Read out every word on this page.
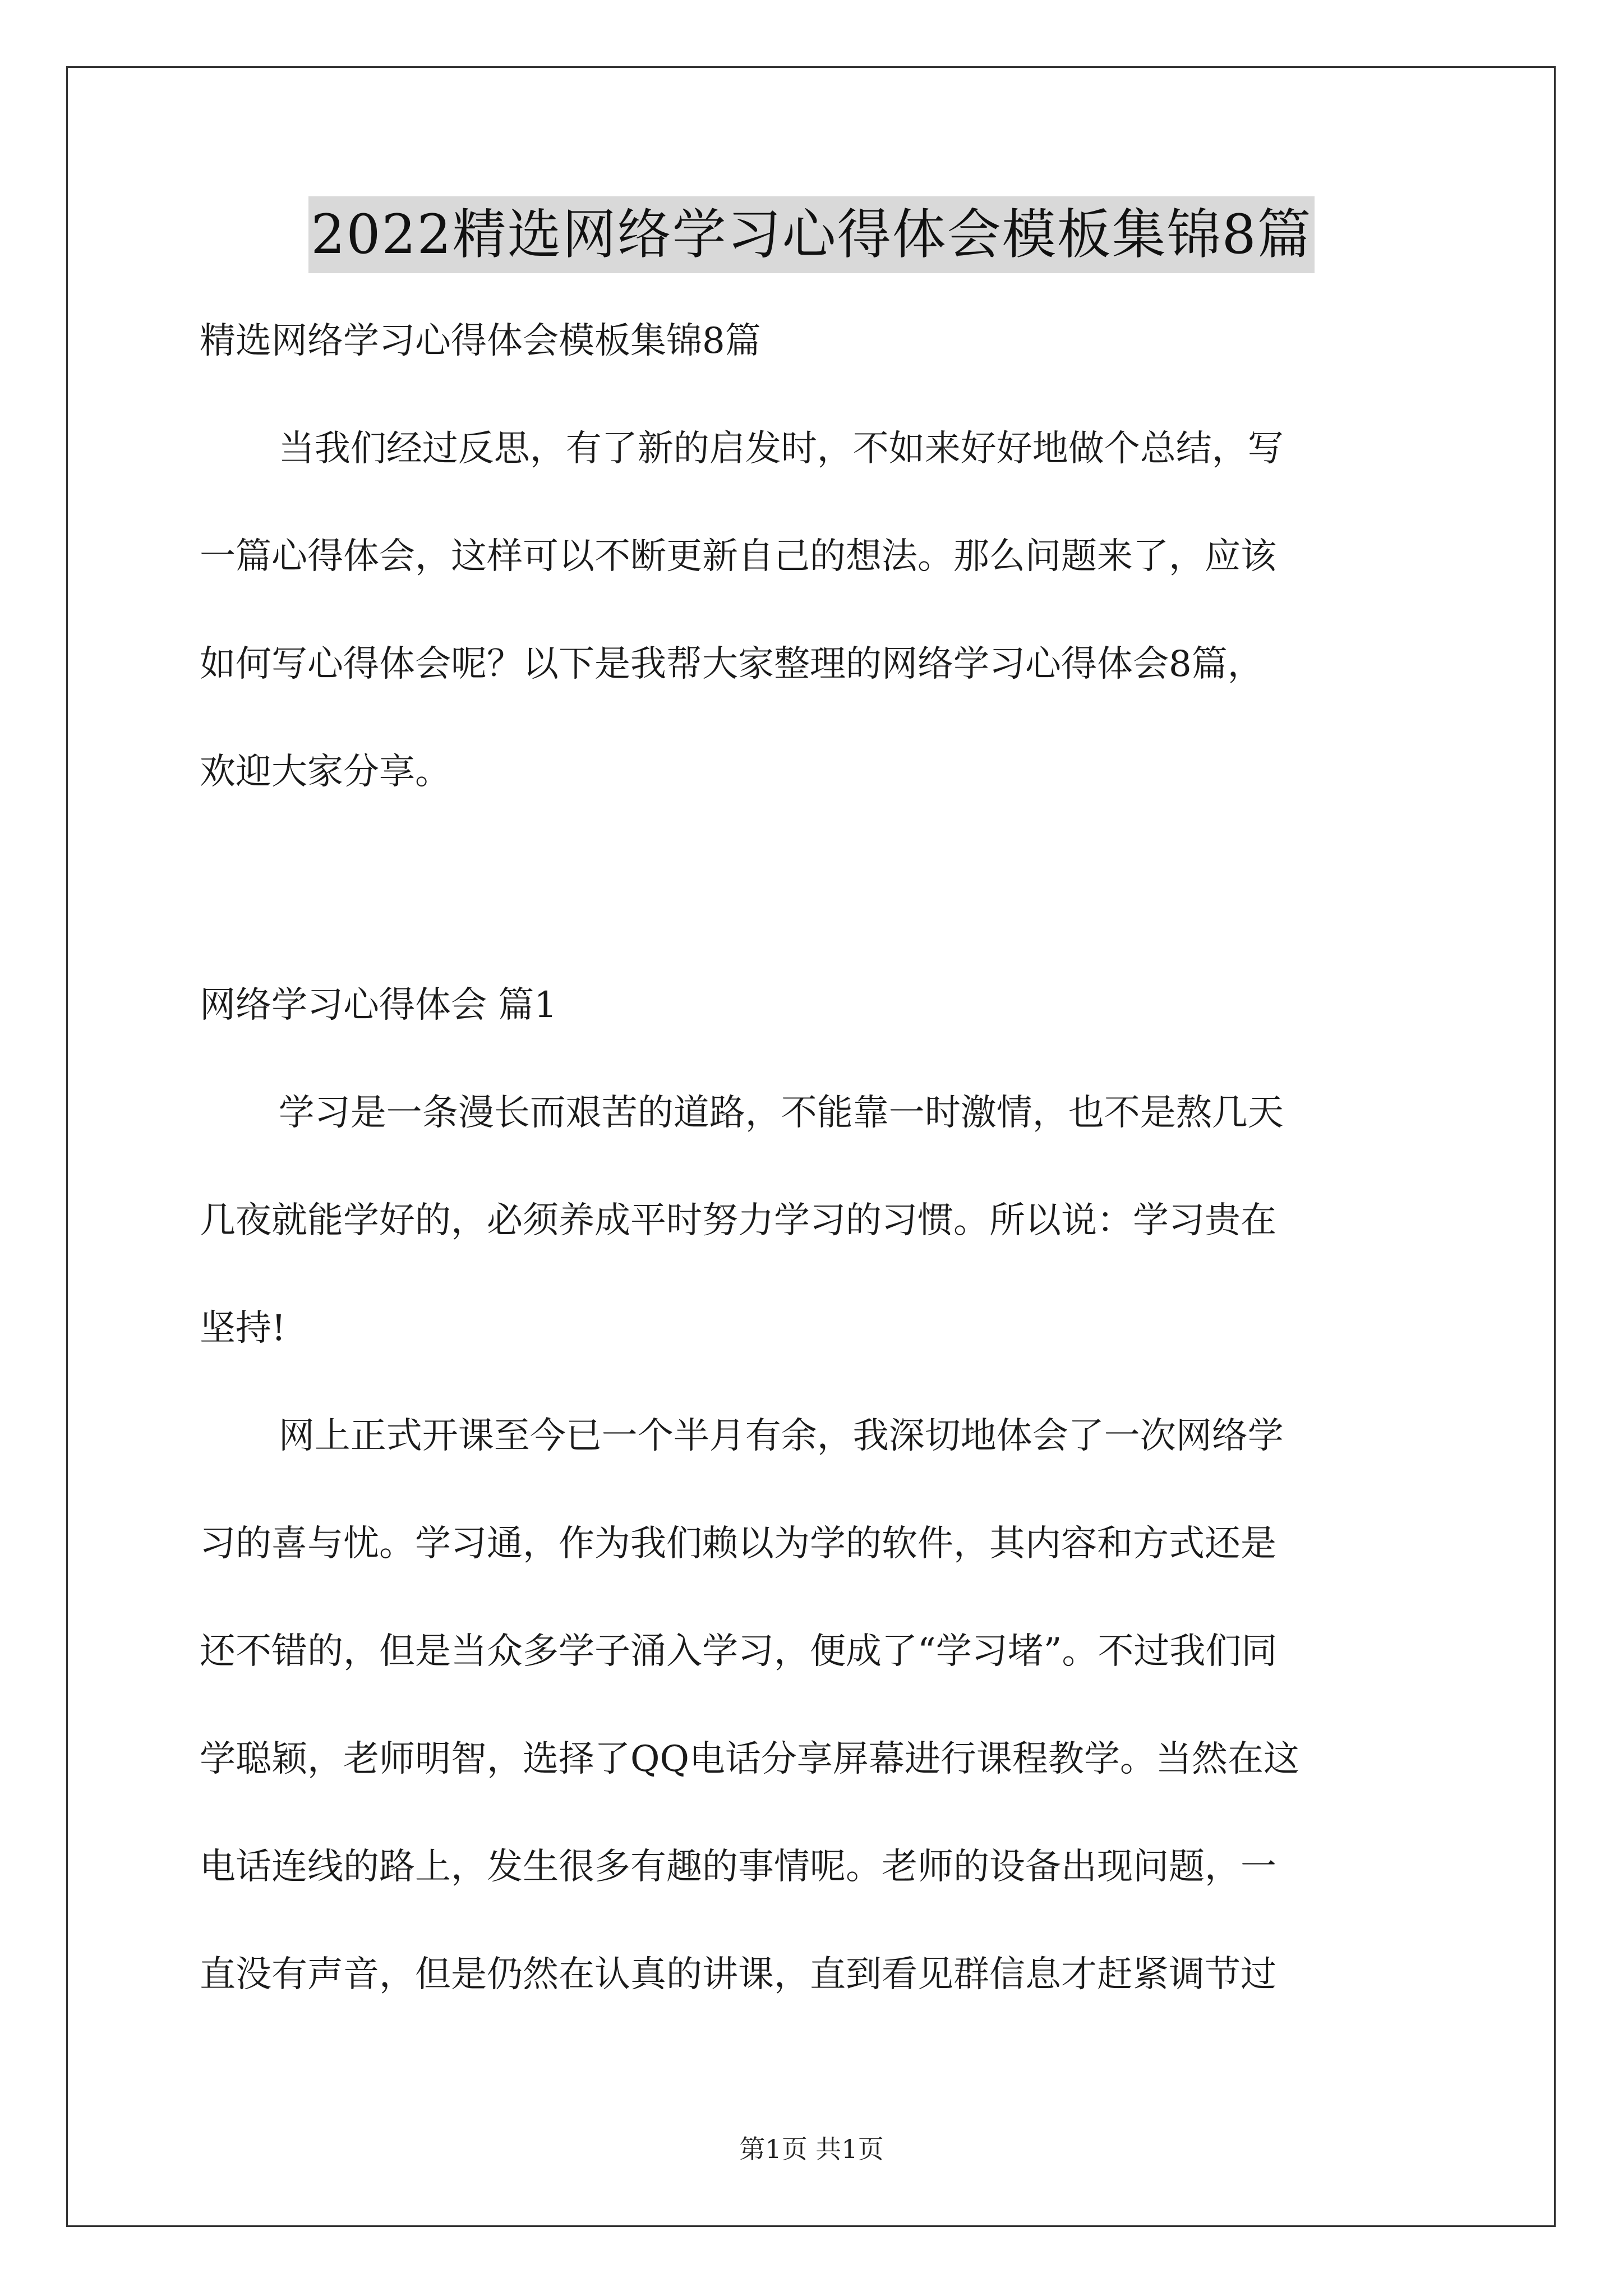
2022精选网络学习心得体会模板集锦8篇

精选网络学习心得体会模板集锦8篇

当我们经过反思，有了新的启发时，不如来好好地做个总结，写
一篇心得体会，这样可以不断更新自己的想法。那么问题来了，应该
如何写心得体会呢？以下是我帮大家整理的网络学习心得体会8篇，
欢迎大家分享。

网络学习心得体会 篇1

学习是一条漫长而艰苦的道路，不能靠一时激情，也不是熬几天
几夜就能学好的，必须养成平时努力学习的习惯。所以说：学习贵在
坚持!
网上正式开课至今已一个半月有余，我深切地体会了一次网络学
习的喜与忧。学习通，作为我们赖以为学的软件，其内容和方式还是
还不错的，但是当众多学子涌入学习，便成了“学习堵”。不过我们同
学聪颖，老师明智，选择了QQ电话分享屏幕进行课程教学。当然在这
电话连线的路上，发生很多有趣的事情呢。老师的设备出现问题，一
直没有声音，但是仍然在认真的讲课，直到看见群信息才赶紧调节过
第1页 共1页
